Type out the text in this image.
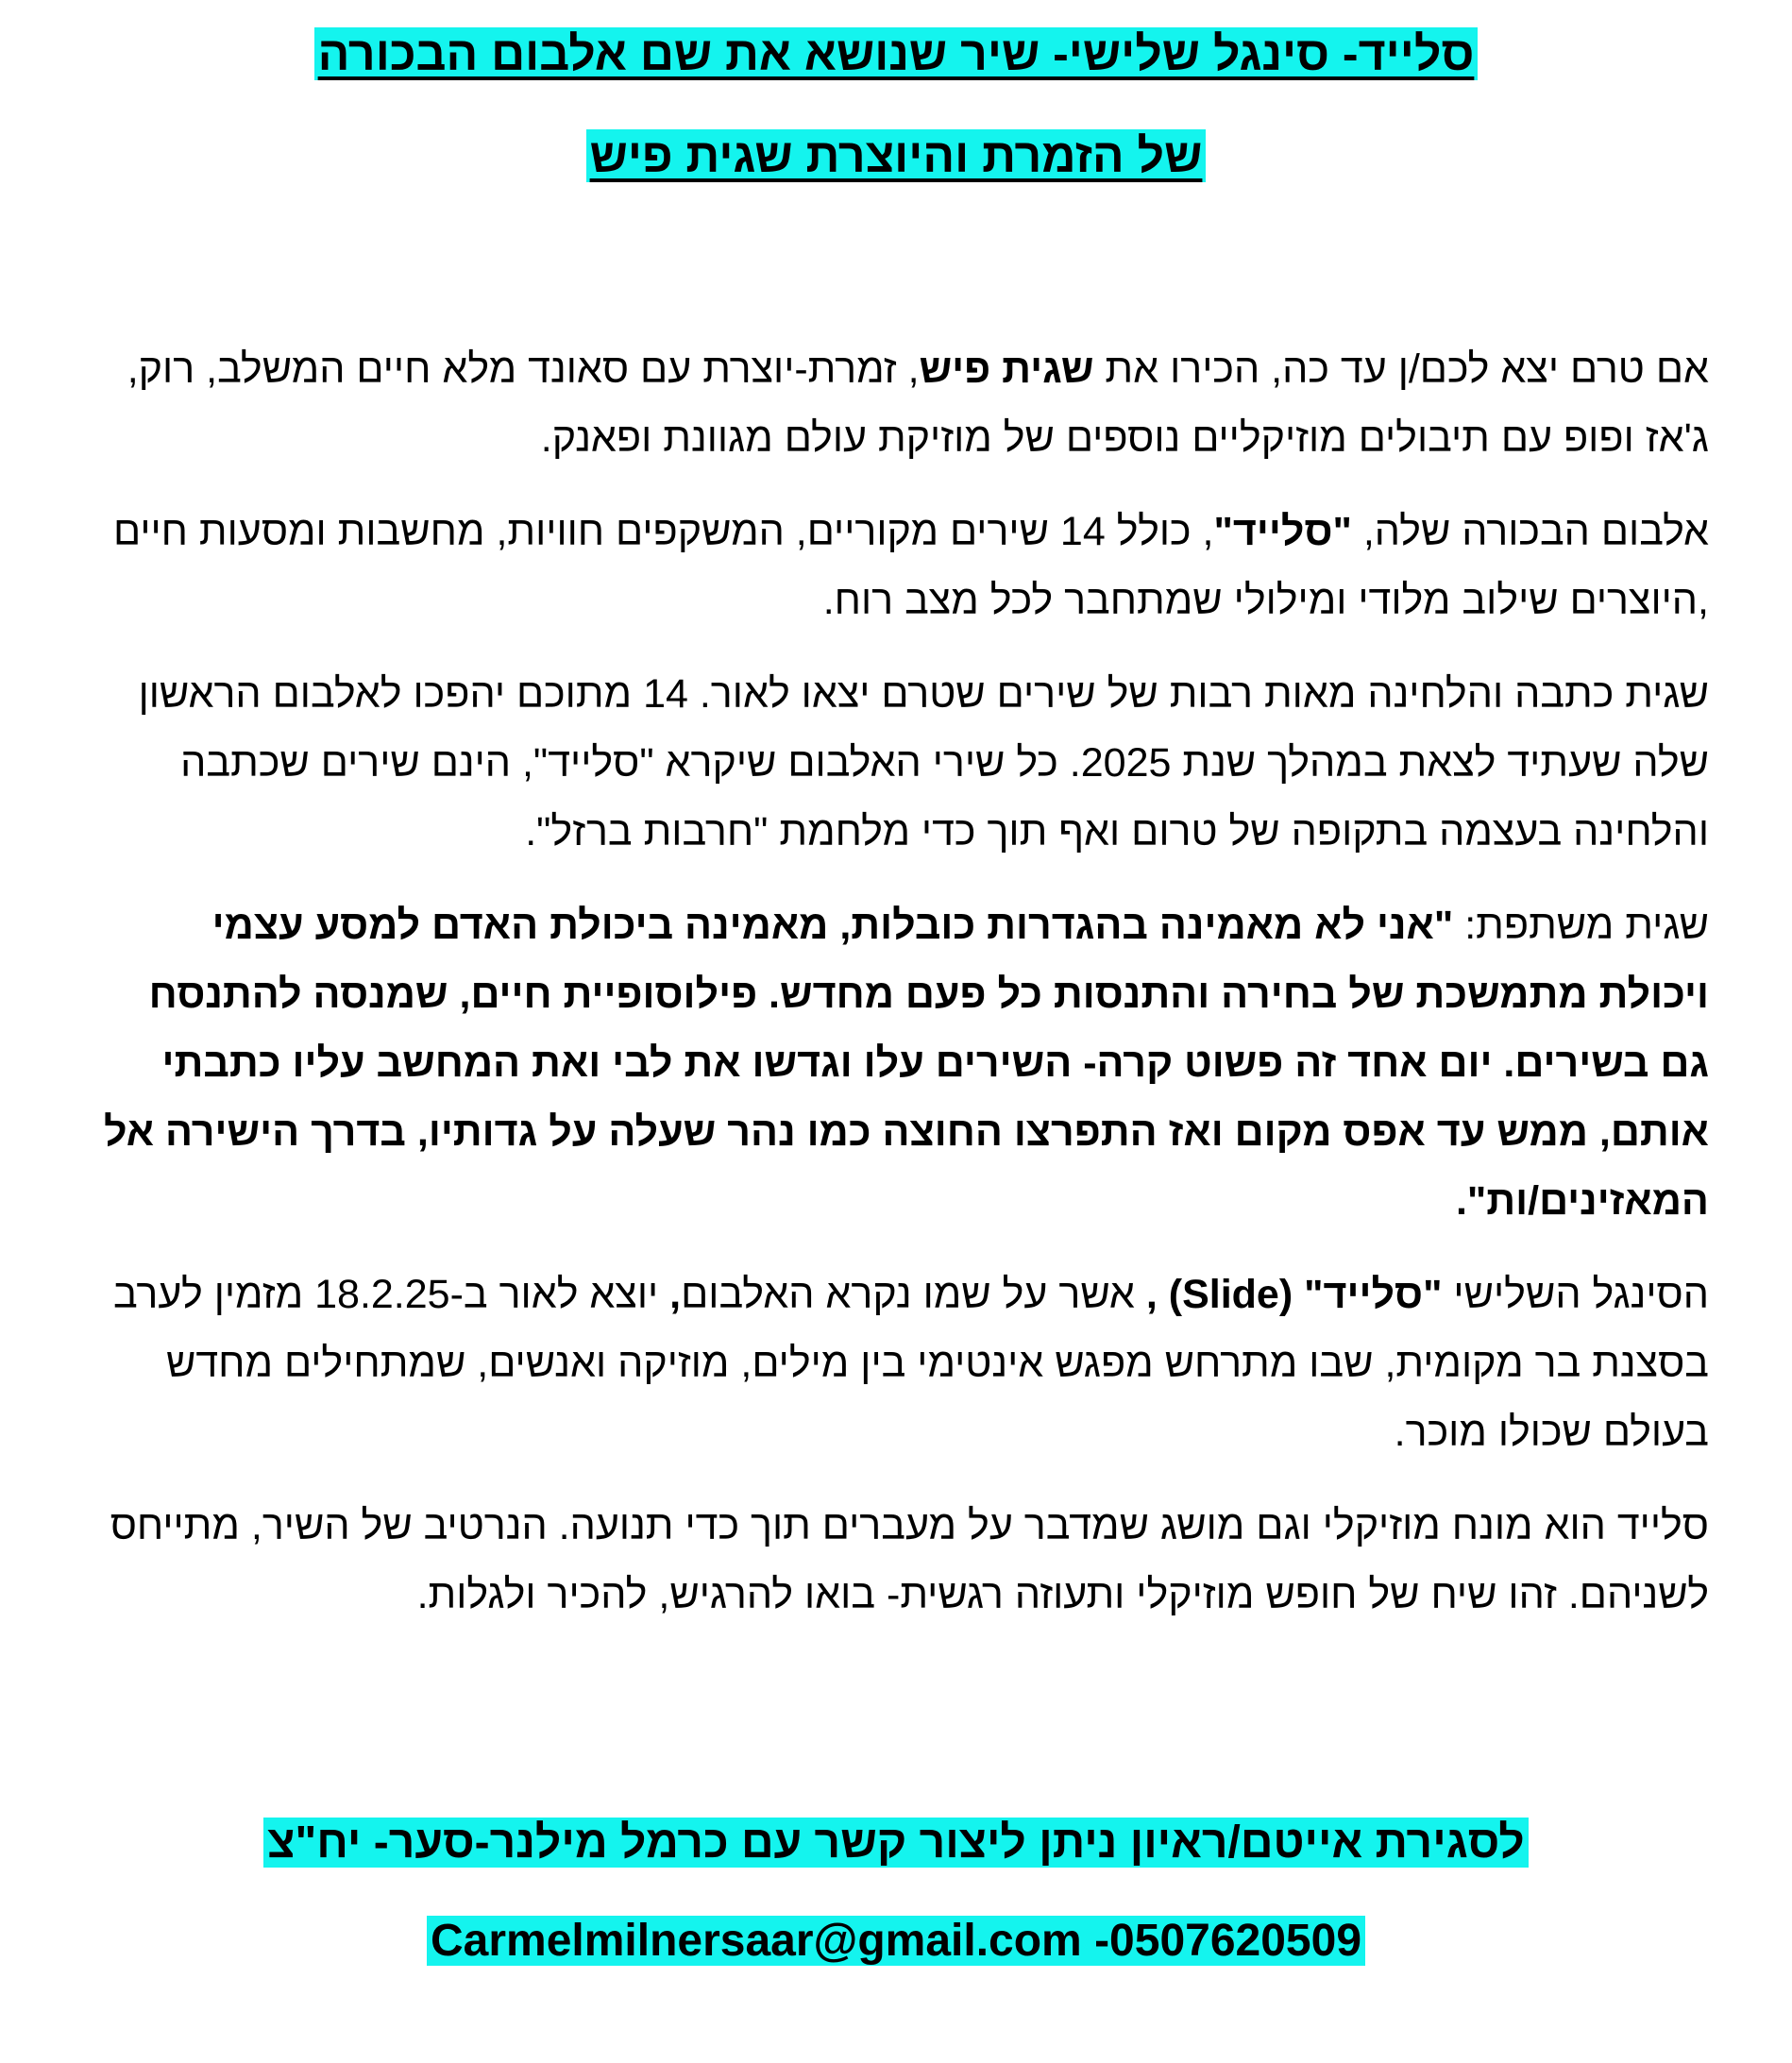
סלייד- סינגל שלישי- שיר שנושא את שם אלבום הבכורה
של הזמרת והיוצרת שגית פיש

אם טרם יצא לכם/ן עד כה, הכירו את שגית פיש, זמרת-יוצרת עם סאונד מלא חיים המשלב, רוק, ג'אז ופופ עם תיבולים מוזיקליים נוספים של מוזיקת עולם מגוונת ופאנק.

אלבום הבכורה שלה, "סלייד", כולל 14 שירים מקוריים, המשקפים חוויות, מחשבות ומסעות חיים ,היוצרים שילוב מלודי ומילולי שמתחבר לכל מצב רוח.

שגית כתבה והלחינה מאות רבות של שירים שטרם יצאו לאור. 14 מתוכם יהפכו לאלבום הראשון שלה שעתיד לצאת במהלך שנת 2025. כל שירי האלבום שיקרא "סלייד", הינם שירים שכתבה והלחינה בעצמה בתקופה של טרום ואף תוך כדי מלחמת "חרבות ברזל".

שגית משתפת: "אני לא מאמינה בהגדרות כובלות, מאמינה ביכולת האדם למסע עצמי ויכולת מתמשכת של בחירה והתנסות כל פעם מחדש. פילוסופיית חיים, שמנסה להתנסח גם בשירים. יום אחד זה פשוט קרה- השירים עלו וגדשו את לבי ואת המחשב עליו כתבתי אותם, ממש עד אפס מקום ואז התפרצו החוצה כמו נהר שעלה על גדותיו, בדרך הישירה אל המאזינים/ות".

הסינגל השלישי "סלייד" (Slide) , אשר על שמו נקרא האלבום, יוצא לאור ב-18.2.25 מזמין לערב בסצנת בר מקומית, שבו מתרחש מפגש אינטימי בין מילים, מוזיקה ואנשים, שמתחילים מחדש בעולם שכולו מוכר.

סלייד הוא מונח מוזיקלי וגם מושג שמדבר על מעברים תוך כדי תנועה. הנרטיב של השיר, מתייחס לשניהם. זהו שיח של חופש מוזיקלי ותעוזה רגשית- בואו להרגיש, להכיר ולגלות.

לסגירת אייטם/ראיון ניתן ליצור קשר עם כרמל מילנר-סער- יח"צ
Carmelmilnersaar@gmail.com -0507620509
